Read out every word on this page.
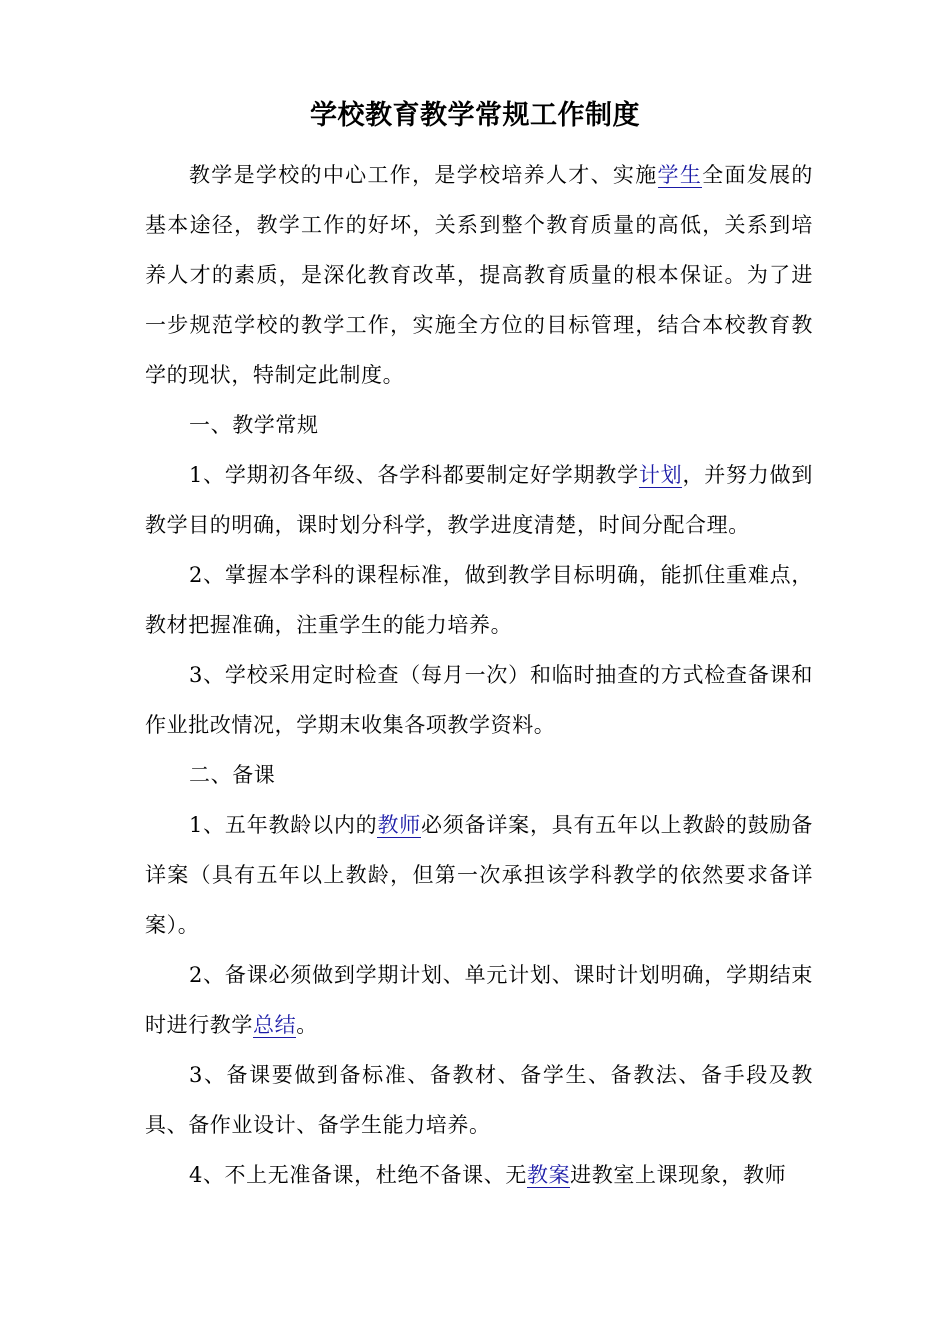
学校教育教学常规工作制度

教学是学校的中心工作，是学校培养人才、实施学生全面发展的基本途径，教学工作的好坏，关系到整个教育质量的高低，关系到培养人才的素质，是深化教育改革，提高教育质量的根本保证。为了进一步规范学校的教学工作，实施全方位的目标管理，结合本校教育教学的现状，特制定此制度。

一、教学常规

1、学期初各年级、各学科都要制定好学期教学计划，并努力做到教学目的明确，课时划分科学，教学进度清楚，时间分配合理。

2、掌握本学科的课程标准，做到教学目标明确，能抓住重难点，教材把握准确，注重学生的能力培养。

3、学校采用定时检查（每月一次）和临时抽查的方式检查备课和作业批改情况，学期末收集各项教学资料。

二、备课

1、五年教龄以内的教师必须备详案，具有五年以上教龄的鼓励备详案（具有五年以上教龄，但第一次承担该学科教学的依然要求备详案）。

2、备课必须做到学期计划、单元计划、课时计划明确，学期结束时进行教学总结。

3、备课要做到备标准、备教材、备学生、备教法、备手段及教具、备作业设计、备学生能力培养。

4、不上无准备课，杜绝不备课、无教案进教室上课现象，教师
